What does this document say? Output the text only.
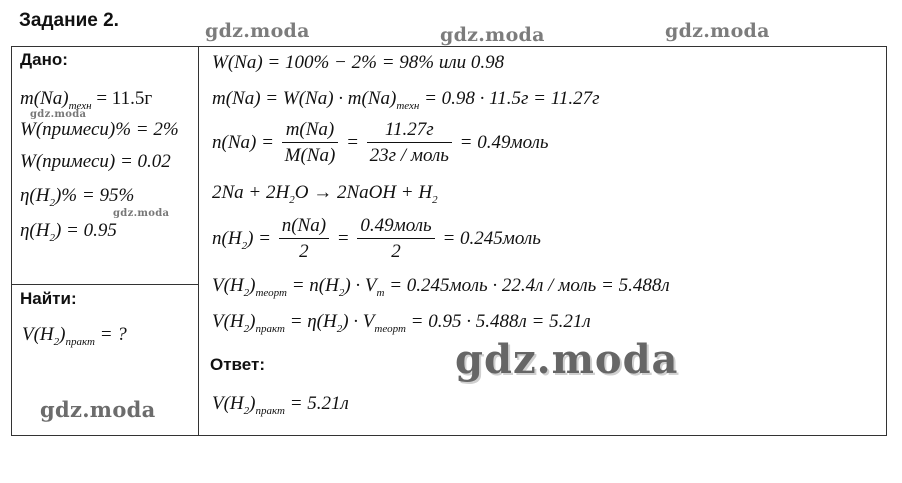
Задание 2.	gdz.moda	gdz.moda	gdz.moda
Дано:
$m(Na)_{техн} = 11.5г$
gdz.moda
W(примеси)% = 2%
W(примеси) = 0.02
$\eta(H_2)\% = 95\%$
gdz.moda
$\eta(H_2) = 0.95$
Найти:
$V(H_2)_{практ}$ = ?
gdz.moda
W(Na) = 100% − 2% = 98% или 0.98
$m(Na) = W(Na) \cdot m(Na)_{техн} = 0.98 \cdot 11.5г = 11.27г$
$n(Na) = \frac{m(Na)}{M(Na)} = \frac{11.27г}{\text{23г / моль}}$ = 0.49моль
$2Na + 2H_2O$ → 2NaOH + $H_2$
$n(H_2) = \frac{n(Na)}{2} = \frac{\text{0.49моль}}{2}$ = 0.245моль
$V(H_2)_{теорт} = n(H_2) \cdot V_m$ = 0.245моль · 22.4л / моль = 5.488л
$V(H_2)_{практ} = \eta(H_2) \cdot V_{теорт} = 0.95 \cdot 5.488л = 5.21л$
gdz.moda
Ответ:
$V(H_2)_{практ} = 5.21л$
